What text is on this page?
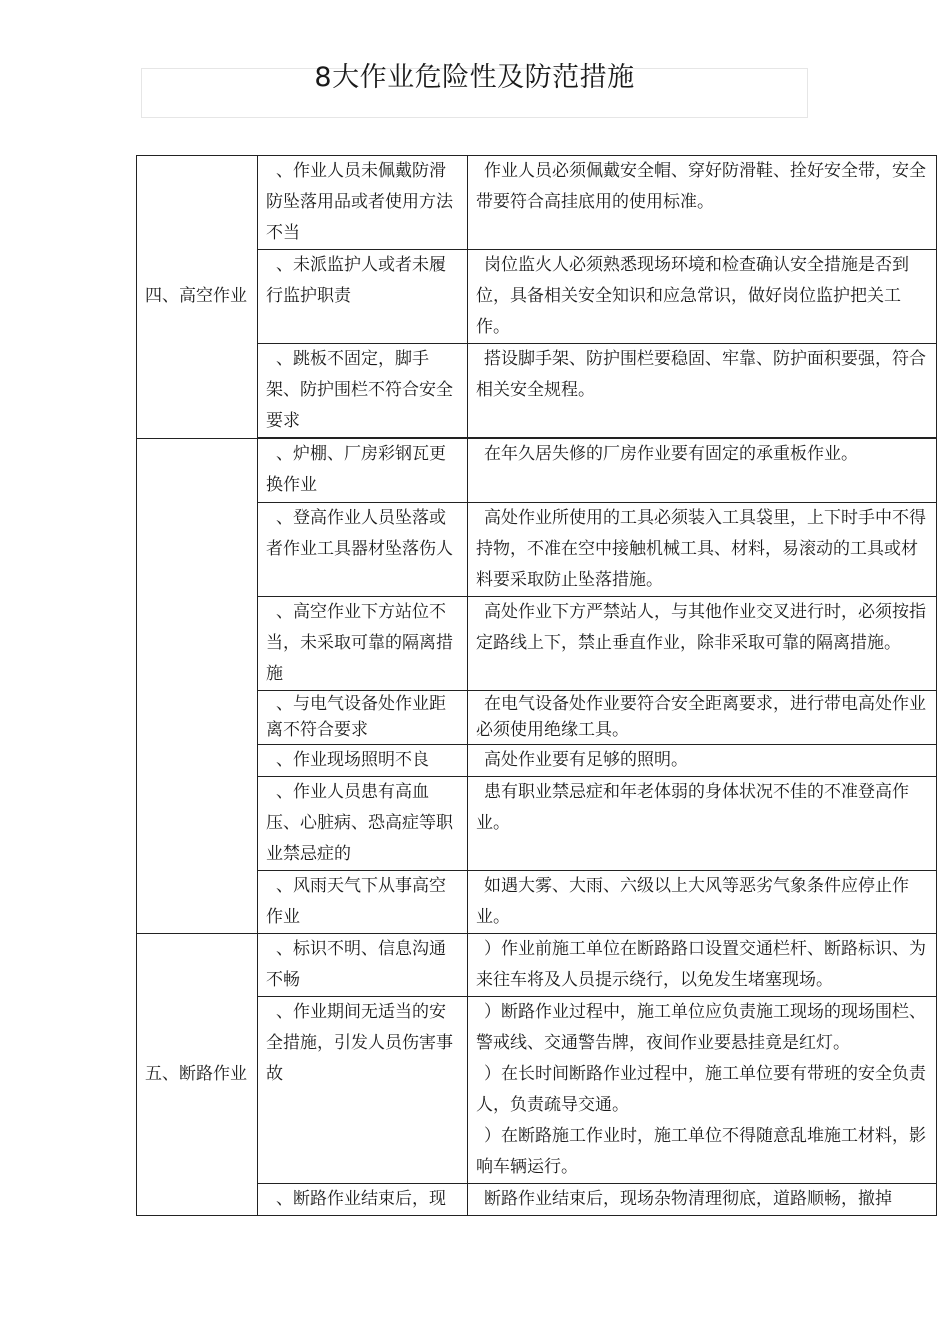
8大作业危险性及防范措施
四、高空作业	、作业人员未佩戴防滑防坠落用品或者使用方法不当	作业人员必须佩戴安全帽、穿好防滑鞋、拴好安全带，安全带要符合高挂底用的使用标准。

	、未派监护人或者未履行监护职责	岗位监火人必须熟悉现场环境和检查确认安全措施是否到位，具备相关安全知识和应急常识，做好岗位监护把关工作。

	、跳板不固定，脚手架、防护围栏不符合安全要求	搭设脚手架、防护围栏要稳固、牢靠、防护面积要强，符合相关安全规程。

	、炉棚、厂房彩钢瓦更换作业	在年久居失修的厂房作业要有固定的承重板作业。

	、登高作业人员坠落或者作业工具器材坠落伤人	高处作业所使用的工具必须装入工具袋里，上下时手中不得持物，不准在空中接触机械工具、材料，易滚动的工具或材料要采取防止坠落措施。

	、高空作业下方站位不当，未采取可靠的隔离措施	高处作业下方严禁站人，与其他作业交叉进行时，必须按指定路线上下，禁止垂直作业，除非采取可靠的隔离措施。

	、与电气设备处作业距离不符合要求	在电气设备处作业要符合安全距离要求，进行带电高处作业必须使用绝缘工具。

	、作业现场照明不良	高处作业要有足够的照明。

	、作业人员患有高血压、心脏病、恐高症等职业禁忌症的	患有职业禁忌症和年老体弱的身体状况不佳的不准登高作业。

	、风雨天气下从事高空作业	如遇大雾、大雨、六级以上大风等恶劣气象条件应停止作业。

五、断路作业	、标识不明、信息沟通不畅	）作业前施工单位在断路路口设置交通栏杆、断路标识、为来往车将及人员提示绕行，以免发生堵塞现场。

	、作业期间无适当的安全措施，引发人员伤害事故	）断路作业过程中，施工单位应负责施工现场的现场围栏、警戒线、交通警告牌，夜间作业要悬挂竟是红灯。
）在长时间断路作业过程中，施工单位要有带班的安全负责人，负责疏导交通。
）在断路施工作业时，施工单位不得随意乱堆施工材料，影响车辆运行。

	、断路作业结束后，现	断路作业结束后，现场杂物清理彻底，道路顺畅，撤掉
